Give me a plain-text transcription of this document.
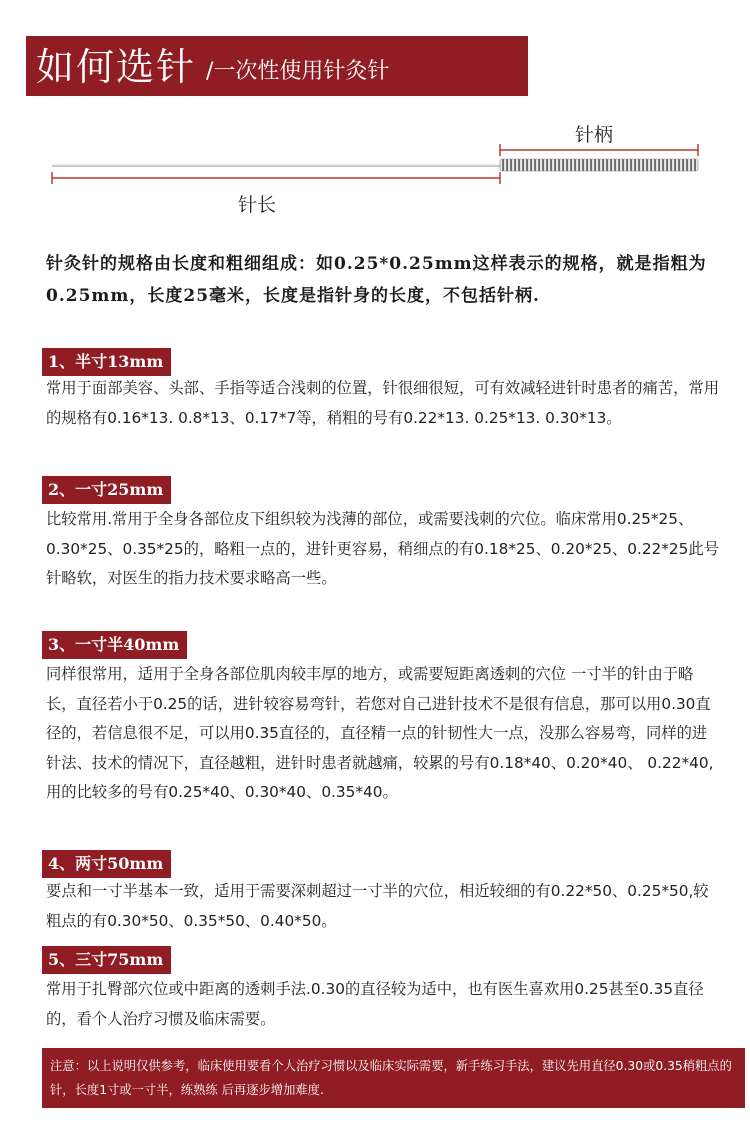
如何选针 /一次性使用针灸针
针柄
针长
针灸针的规格由长度和粗细组成：如0.25*0.25mm这样表示的规格，就是指粗为0.25mm，长度25毫米，长度是指针身的长度，不包括针柄.
1、半寸13mm
常用于面部美容、头部、手指等适合浅刺的位置，针很细很短，可有效减轻进针时患者的痛苦，常用的规格有0.16*13. 0.8*13、0.17*7等，稍粗的号有0.22*13. 0.25*13. 0.30*13。
2、一寸25mm
比较常用.常用于全身各部位皮下组织较为浅薄的部位，或需要浅刺的穴位。临床常用0.25*25、0.30*25、0.35*25的，略粗一点的，进针更容易，稍细点的有0.18*25、0.20*25、0.22*25此号针略软，对医生的指力技术要求略高一些。
3、一寸半40mm
同样很常用，适用于全身各部位肌肉较丰厚的地方，或需要短距离透刺的穴位 一寸半的针由于略长，直径若小于0.25的话，进针较容易弯针，若您对自己进针技术不是很有信息，那可以用0.30直径的，若信息很不足，可以用0.35直径的，直径精一点的针韧性大一点，没那么容易弯，同样的进针法、技术的情况下，直径越粗，进针时患者就越痛，较累的号有0.18*40、0.20*40、 0.22*40,用的比较多的号有0.25*40、0.30*40、0.35*40。
4、两寸50mm
要点和一寸半基本一致，适用于需要深刺超过一寸半的穴位，相近较细的有0.22*50、0.25*50,较粗点的有0.30*50、0.35*50、0.40*50。
5、三寸75mm
常用于扎臀部穴位或中距离的透刺手法.0.30的直径较为适中，也有医生喜欢用0.25甚至0.35直径的，看个人治疗习惯及临床需要。
注意：以上说明仅供参考，临床使用要看个人治疗习惯以及临床实际需要，新手练习手法，建议先用直径0.30或0.35稍粗点的针，长度1寸或一寸半，练熟练 后再逐步增加难度.
